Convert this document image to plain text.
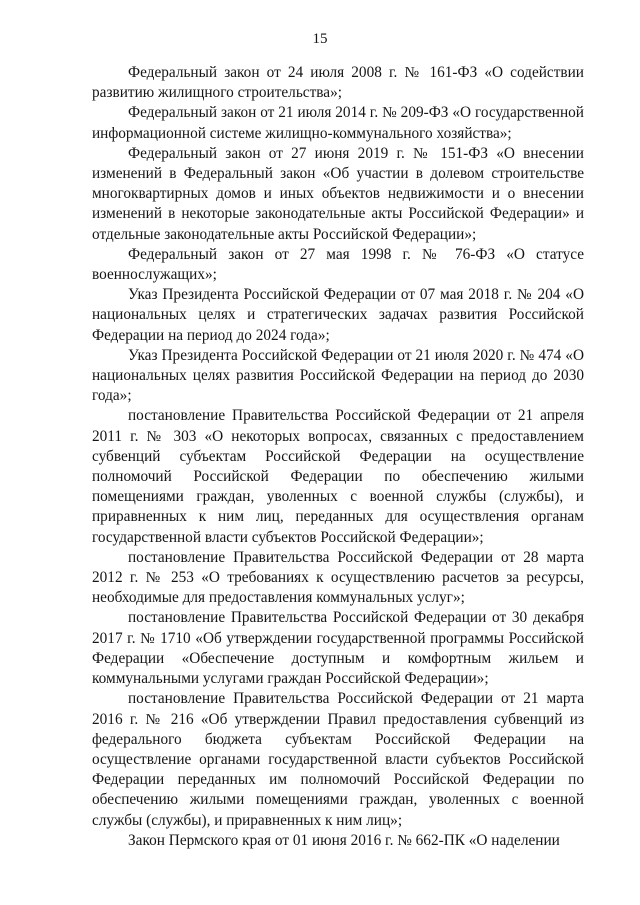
15

Федеральный закон от 24 июля 2008 г. № 161-ФЗ «О содействии развитию жилищного строительства»;

Федеральный закон от 21 июля 2014 г. № 209-ФЗ «О государственной информационной системе жилищно-коммунального хозяйства»;

Федеральный закон от 27 июня 2019 г. № 151-ФЗ «О внесении изменений в Федеральный закон «Об участии в долевом строительстве многоквартирных домов и иных объектов недвижимости и о внесении изменений в некоторые законодательные акты Российской Федерации» и отдельные законодательные акты Российской Федерации»;

Федеральный закон от 27 мая 1998 г. № 76-ФЗ «О статусе военнослужащих»;

Указ Президента Российской Федерации от 07 мая 2018 г. № 204 «О национальных целях и стратегических задачах развития Российской Федерации на период до 2024 года»;

Указ Президента Российской Федерации от 21 июля 2020 г. № 474 «О национальных целях развития Российской Федерации на период до 2030 года»;

постановление Правительства Российской Федерации от 21 апреля 2011 г. № 303 «О некоторых вопросах, связанных с предоставлением субвенций субъектам Российской Федерации на осуществление полномочий Российской Федерации по обеспечению жилыми помещениями граждан, уволенных с военной службы (службы), и приравненных к ним лиц, переданных для осуществления органам государственной власти субъектов Российской Федерации»;

постановление Правительства Российской Федерации от 28 марта 2012 г. № 253 «О требованиях к осуществлению расчетов за ресурсы, необходимые для предоставления коммунальных услуг»;

постановление Правительства Российской Федерации от 30 декабря 2017 г. № 1710 «Об утверждении государственной программы Российской Федерации «Обеспечение доступным и комфортным жильем и коммунальными услугами граждан Российской Федерации»;

постановление Правительства Российской Федерации от 21 марта 2016 г. № 216 «Об утверждении Правил предоставления субвенций из федерального бюджета субъектам Российской Федерации на осуществление органами государственной власти субъектов Российской Федерации переданных им полномочий Российской Федерации по обеспечению жилыми помещениями граждан, уволенных с военной службы (службы), и приравненных к ним лиц»;

Закон Пермского края от 01 июня 2016 г. № 662-ПК «О наделении
